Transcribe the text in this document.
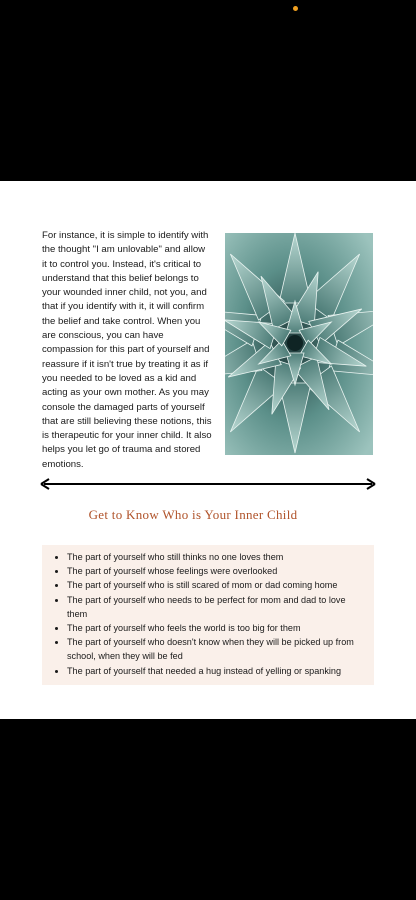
For instance, it is simple to identify with the thought "I am unlovable" and allow it to control you. Instead, it's critical to understand that this belief belongs to your wounded inner child, not you, and that if you identify with it, it will confirm the belief and take control. When you are conscious, you can have compassion for this part of yourself and reassure if it isn't true by treating it as if you needed to be loved as a kid and acting as your own mother. As you may console the damaged parts of yourself that are still believing these notions, this is therapeutic for your inner child. It also helps you let go of trauma and stored emotions.

Get to Know Who is Your Inner Child
• The part of yourself who still thinks no one loves them
• The part of yourself whose feelings were overlooked
• The part of yourself who is still scared of mom or dad coming home
• The part of yourself who needs to be perfect for mom and dad to love them
• The part of yourself who feels the world is too big for them
• The part of yourself who doesn't know when they will be picked up from school, when they will be fed
• The part of yourself that needed a hug instead of yelling or spanking
